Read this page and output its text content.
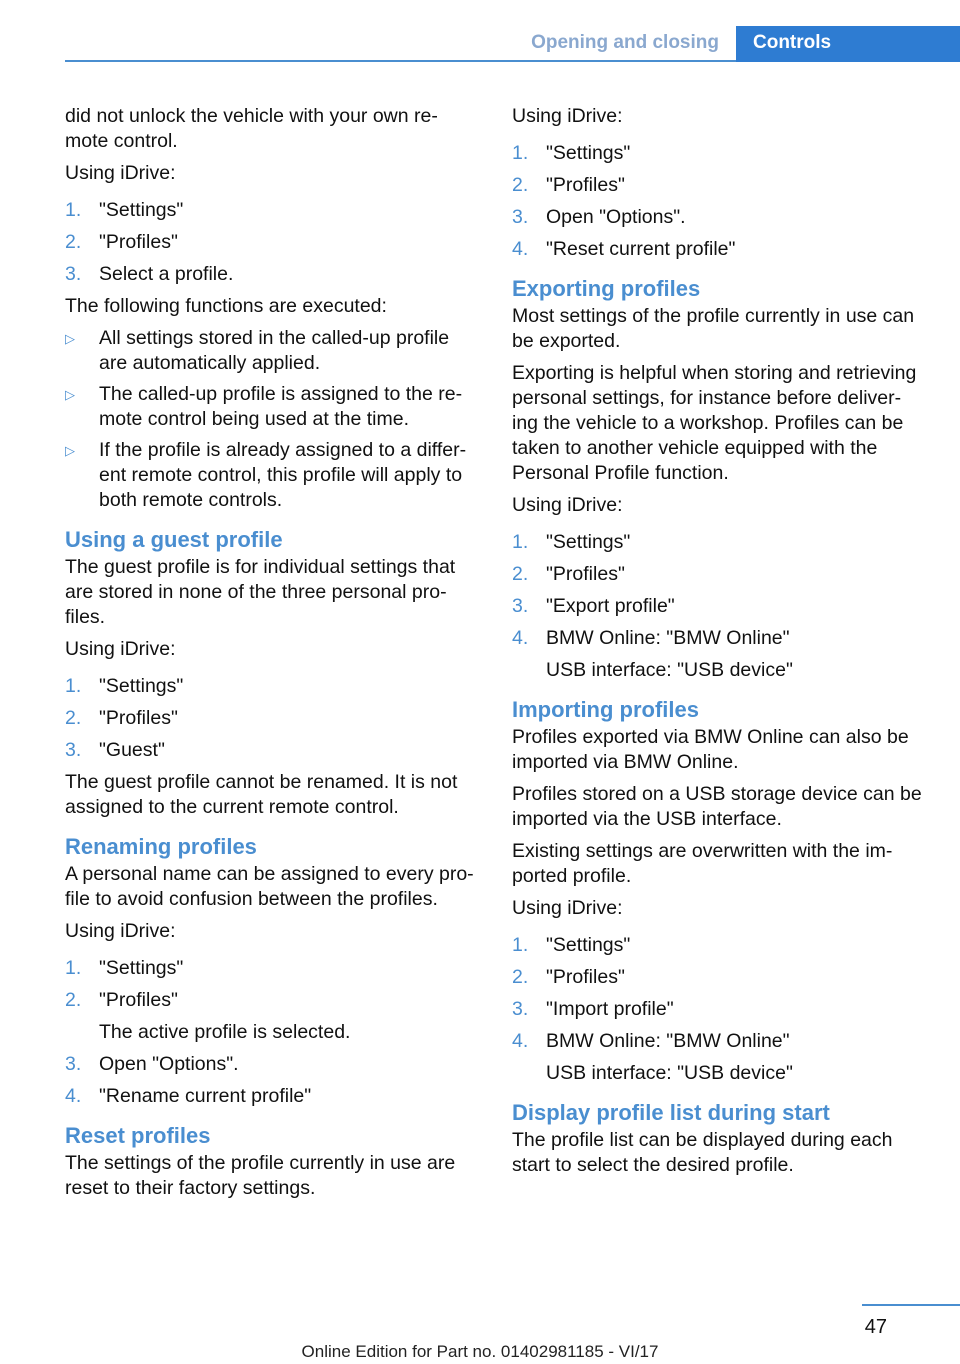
Opening and closing	Controls

did not unlock the vehicle with your own re‐ mote control.

Using iDrive:

1. "Settings"
2. "Profiles"
3. Select a profile.

The following functions are executed:

▷ All settings stored in the called-up profile are automatically applied.
▷ The called-up profile is assigned to the re‐ mote control being used at the time.
▷ If the profile is already assigned to a differ‐ ent remote control, this profile will apply to both remote controls.
Using a guest profile

The guest profile is for individual settings that are stored in none of the three personal pro‐ files.

Using iDrive:

1. "Settings"
2. "Profiles"
3. "Guest"

The guest profile cannot be renamed. It is not assigned to the current remote control.

Renaming profiles

A personal name can be assigned to every pro‐ file to avoid confusion between the profiles.

Using iDrive:

1. "Settings"
2. "Profiles"
The active profile is selected.
3. Open "Options".
4. "Rename current profile"
Reset profiles

The settings of the profile currently in use are reset to their factory settings.

Using iDrive:

1. "Settings"
2. "Profiles"
3. Open "Options".
4. "Reset current profile"
Exporting profiles

Most settings of the profile currently in use can be exported.

Exporting is helpful when storing and retrieving personal settings, for instance before deliver‐ ing the vehicle to a workshop. Profiles can be taken to another vehicle equipped with the Personal Profile function.

Using iDrive:

1. "Settings"
2. "Profiles"
3. "Export profile"
4. BMW Online: "BMW Online"
USB interface: "USB device"
Importing profiles

Profiles exported via BMW Online can also be imported via BMW Online.

Profiles stored on a USB storage device can be imported via the USB interface.

Existing settings are overwritten with the im‐ ported profile.

Using iDrive:

1. "Settings"
2. "Profiles"
3. "Import profile"
4. BMW Online: "BMW Online"
USB interface: "USB device"
Display profile list during start

The profile list can be displayed during each start to select the desired profile.

47
Online Edition for Part no. 01402981185 - VI/17
